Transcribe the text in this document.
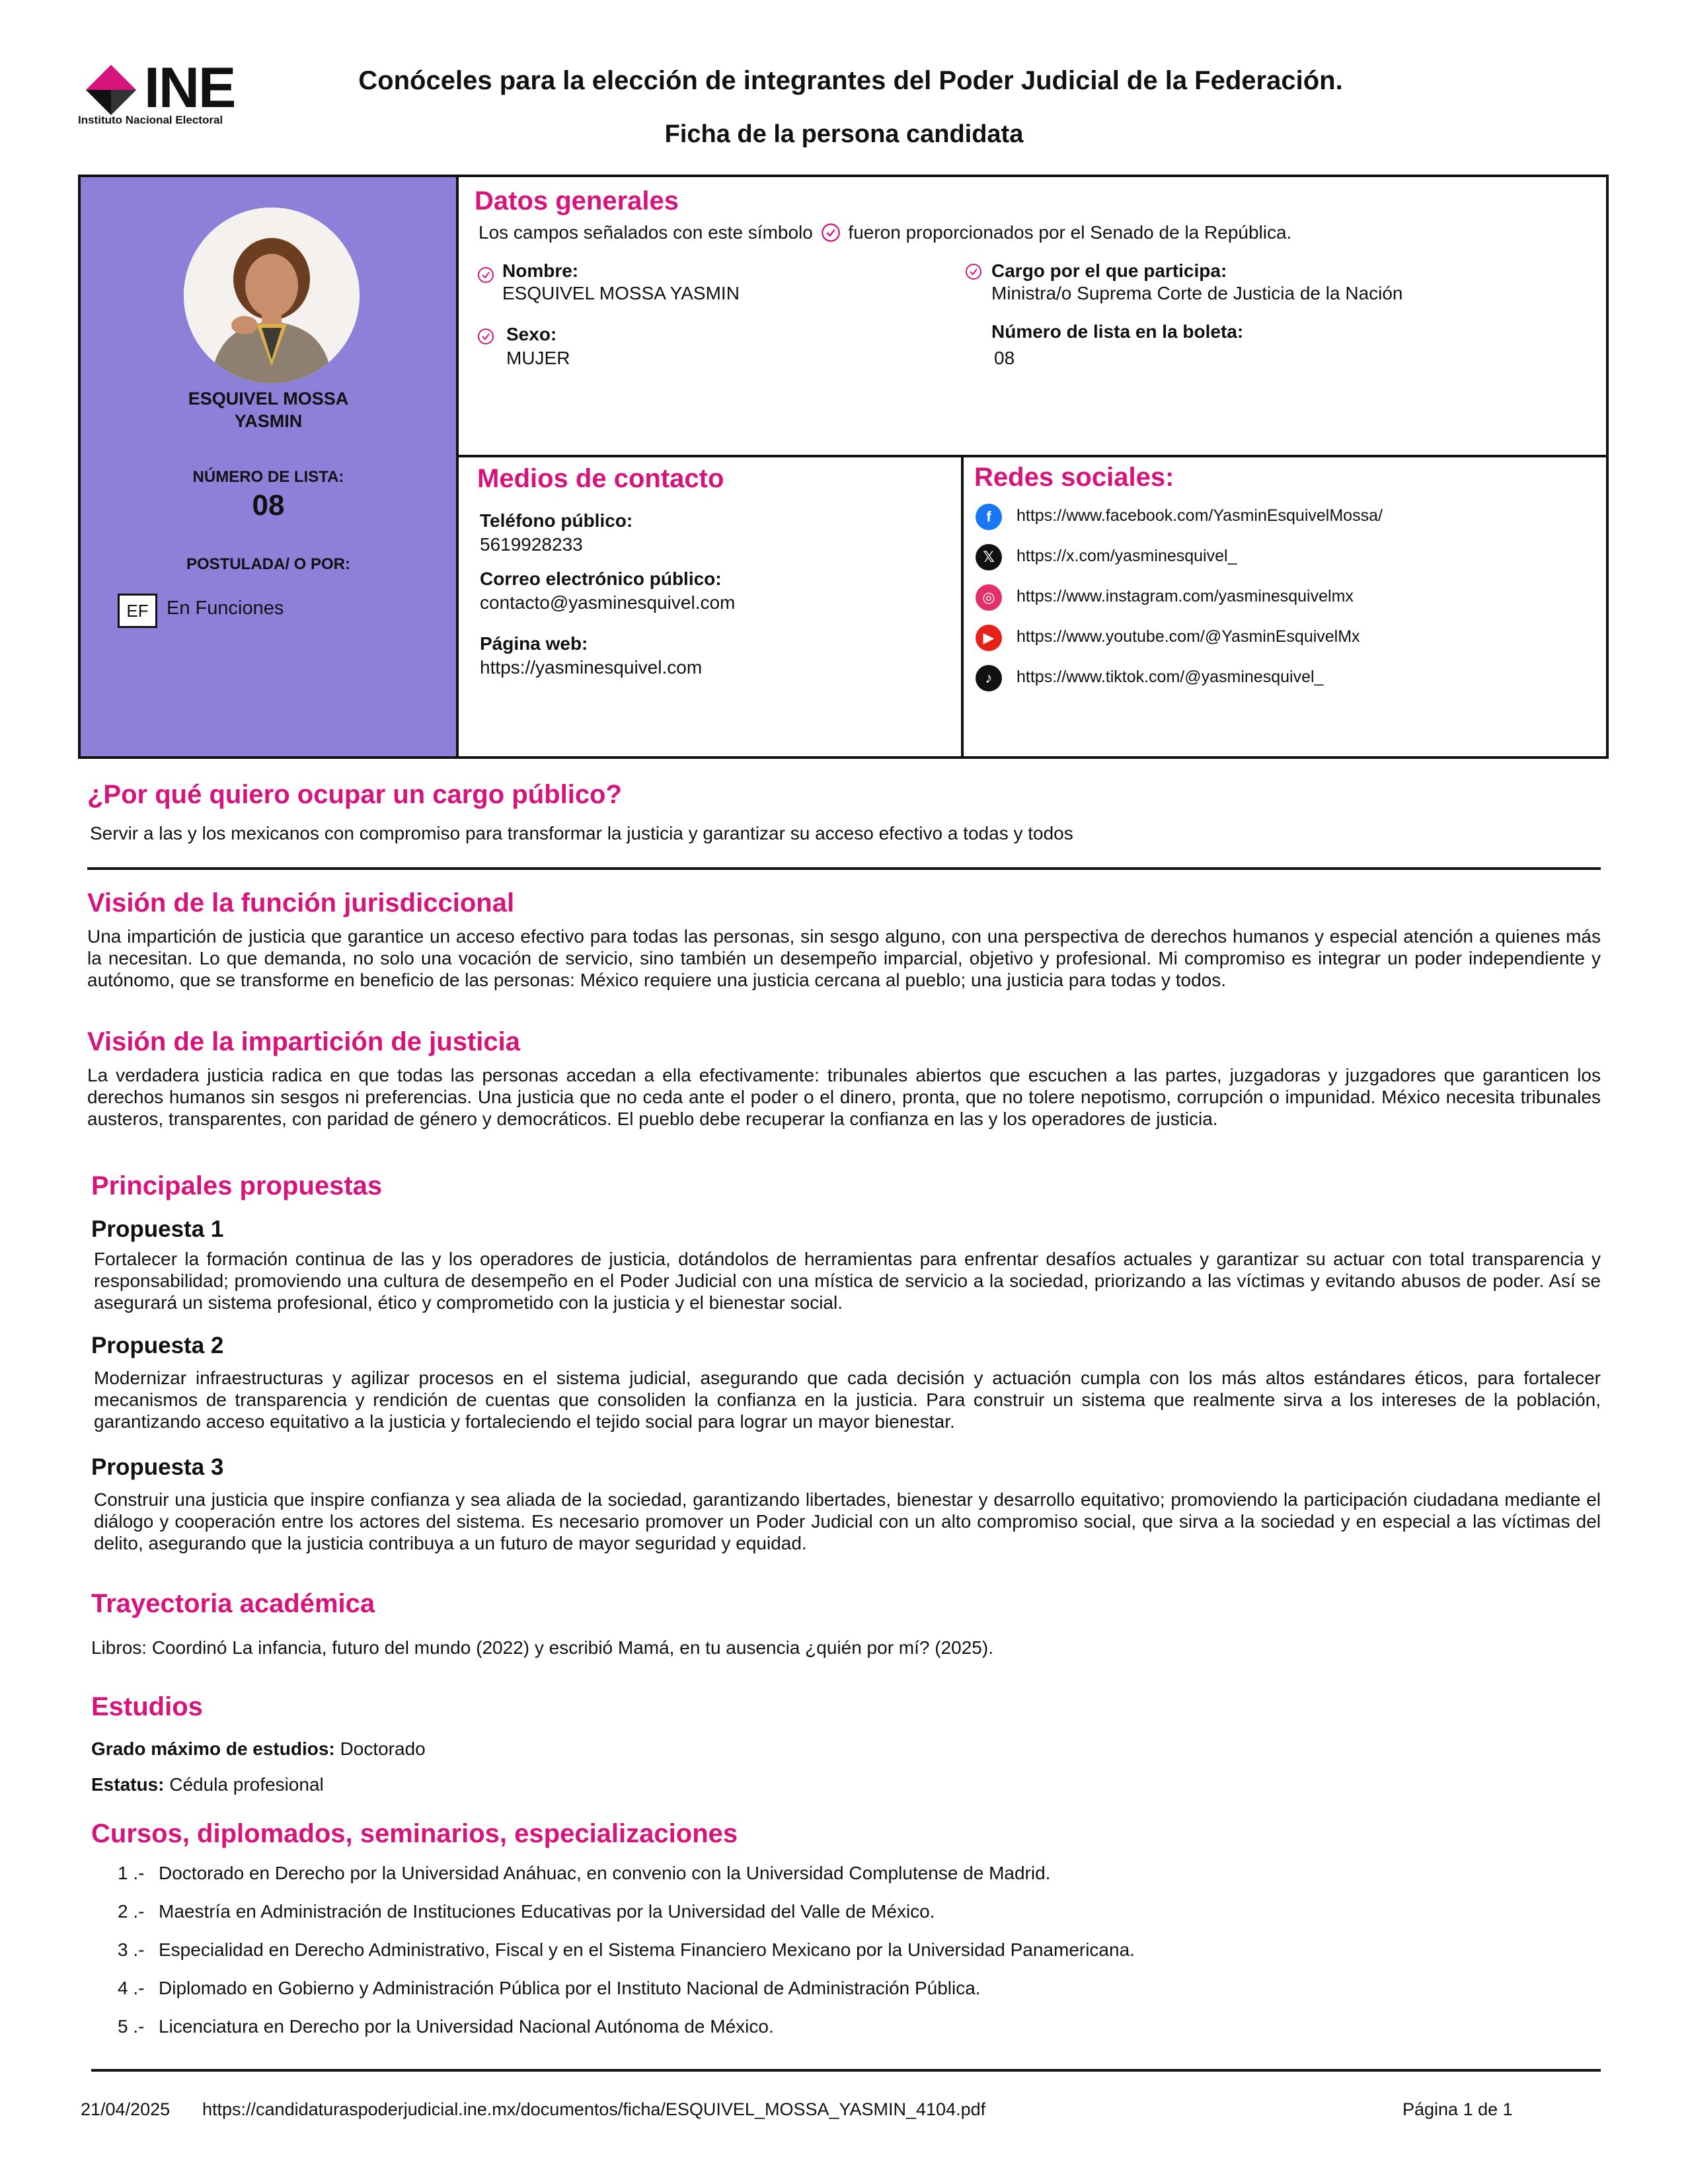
INE
Instituto Nacional Electoral
Conóceles para la elección de integrantes del Poder Judicial de la Federación.
Ficha de la persona candidata
ESQUIVEL MOSSA
YASMIN
NÚMERO DE LISTA:
08
POSTULADA/ O POR:
EF En Funciones
Datos generales
Los campos señalados con este símbolo fueron proporcionados por el Senado de la República.
Nombre:
ESQUIVEL MOSSA YASMIN
Sexo:
MUJER
Cargo por el que participa:
Ministra/o Suprema Corte de Justicia de la Nación
Número de lista en la boleta:
08
Medios de contacto
Teléfono público:
5619928233
Correo electrónico público:
contacto@yasminesquivel.com
Página web:
https://yasminesquivel.com
Redes sociales:
f	https://www.facebook.com/YasminEsquivelMossa/
𝕏	https://x.com/yasminesquivel_
◎	https://www.instagram.com/yasminesquivelmx
▶	https://www.youtube.com/@YasminEsquivelMx
♪	https://www.tiktok.com/@yasminesquivel_
¿Por qué quiero ocupar un cargo público?
Servir a las y los mexicanos con compromiso para transformar la justicia y garantizar su acceso efectivo a todas y todos
Visión de la función jurisdiccional
Una impartición de justicia que garantice un acceso efectivo para todas las personas, sin sesgo alguno, con una perspectiva de derechos humanos y especial atención a quienes más la necesitan. Lo que demanda, no solo una vocación de servicio, sino también un desempeño imparcial, objetivo y profesional. Mi compromiso es integrar un poder independiente y autónomo, que se transforme en beneficio de las personas: México requiere una justicia cercana al pueblo; una justicia para todas y todos.
Visión de la impartición de justicia
La verdadera justicia radica en que todas las personas accedan a ella efectivamente: tribunales abiertos que escuchen a las partes, juzgadoras y juzgadores que garanticen los derechos humanos sin sesgos ni preferencias. Una justicia que no ceda ante el poder o el dinero, pronta, que no tolere nepotismo, corrupción o impunidad. México necesita tribunales austeros, transparentes, con paridad de género y democráticos. El pueblo debe recuperar la confianza en las y los operadores de justicia.
Principales propuestas
Propuesta 1
Fortalecer la formación continua de las y los operadores de justicia, dotándolos de herramientas para enfrentar desafíos actuales y garantizar su actuar con total transparencia y responsabilidad; promoviendo una cultura de desempeño en el Poder Judicial con una mística de servicio a la sociedad, priorizando a las víctimas y evitando abusos de poder. Así se asegurará un sistema profesional, ético y comprometido con la justicia y el bienestar social.
Propuesta 2
Modernizar infraestructuras y agilizar procesos en el sistema judicial, asegurando que cada decisión y actuación cumpla con los más altos estándares éticos, para fortalecer mecanismos de transparencia y rendición de cuentas que consoliden la confianza en la justicia. Para construir un sistema que realmente sirva a los intereses de la población, garantizando acceso equitativo a la justicia y fortaleciendo el tejido social para lograr un mayor bienestar.
Propuesta 3
Construir una justicia que inspire confianza y sea aliada de la sociedad, garantizando libertades, bienestar y desarrollo equitativo; promoviendo la participación ciudadana mediante el diálogo y cooperación entre los actores del sistema. Es necesario promover un Poder Judicial con un alto compromiso social, que sirva a la sociedad y en especial a las víctimas del delito, asegurando que la justicia contribuya a un futuro de mayor seguridad y equidad.
Trayectoria académica
Libros: Coordinó La infancia, futuro del mundo (2022) y escribió Mamá, en tu ausencia ¿quién por mí? (2025).
Estudios
Grado máximo de estudios: Doctorado
Estatus: Cédula profesional
Cursos, diplomados, seminarios, especializaciones
1 .- Doctorado en Derecho por la Universidad Anáhuac, en convenio con la Universidad Complutense de Madrid.
2 .- Maestría en Administración de Instituciones Educativas por la Universidad del Valle de México.
3 .- Especialidad en Derecho Administrativo, Fiscal y en el Sistema Financiero Mexicano por la Universidad Panamericana.
4 .- Diplomado en Gobierno y Administración Pública por el Instituto Nacional de Administración Pública.
5 .- Licenciatura en Derecho por la Universidad Nacional Autónoma de México.
21/04/2025 https://candidaturaspoderjudicial.ine.mx/documentos/ficha/ESQUIVEL_MOSSA_YASMIN_4104.pdf	Página 1 de 1
